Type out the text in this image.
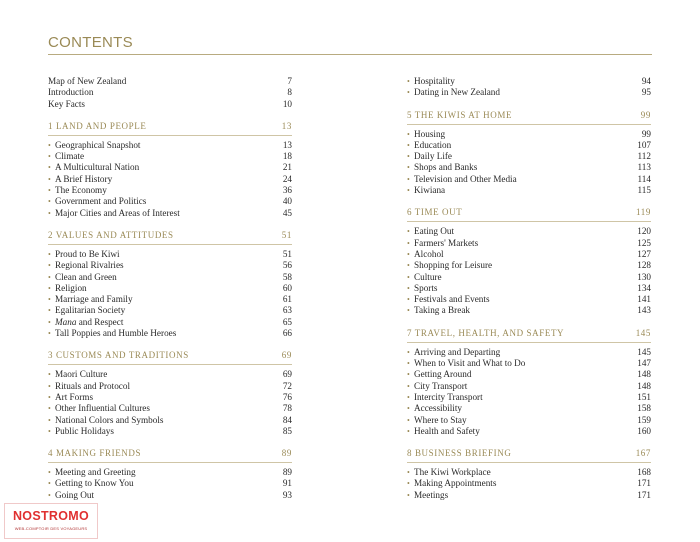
CONTENTS
Map of New Zealand	7
Introduction	8
Key Facts	10
1 LAND AND PEOPLE	13
• Geographical Snapshot	13
• Climate	18
• A Multicultural Nation	21
• A Brief History	24
• The Economy	36
• Government and Politics	40
• Major Cities and Areas of Interest	45
2 VALUES AND ATTITUDES	51
• Proud to Be Kiwi	51
• Regional Rivalries	56
• Clean and Green	58
• Religion	60
• Marriage and Family	61
• Egalitarian Society	63
• Mana and Respect	65
• Tall Poppies and Humble Heroes	66
3 CUSTOMS AND TRADITIONS	69
• Maori Culture	69
• Rituals and Protocol	72
• Art Forms	76
• Other Influential Cultures	78
• National Colors and Symbols	84
• Public Holidays	85
4 MAKING FRIENDS	89
• Meeting and Greeting	89
• Getting to Know You	91
• Going Out	93
• Hospitality	94
• Dating in New Zealand	95
5 THE KIWIS AT HOME	99
• Housing	99
• Education	107
• Daily Life	112
• Shops and Banks	113
• Television and Other Media	114
• Kiwiana	115
6 TIME OUT	119
• Eating Out	120
• Farmers' Markets	125
• Alcohol	127
• Shopping for Leisure	128
• Culture	130
• Sports	134
• Festivals and Events	141
• Taking a Break	143
7 TRAVEL, HEALTH, AND SAFETY	145
• Arriving and Departing	145
• When to Visit and What to Do	147
• Getting Around	148
• City Transport	148
• Intercity Transport	151
• Accessibility	158
• Where to Stay	159
• Health and Safety	160
8 BUSINESS BRIEFING	167
• The Kiwi Workplace	168
• Making Appointments	171
• Meetings	171
NOSTROMO
WEB-COMPTOIR DES VOYAGEURS
